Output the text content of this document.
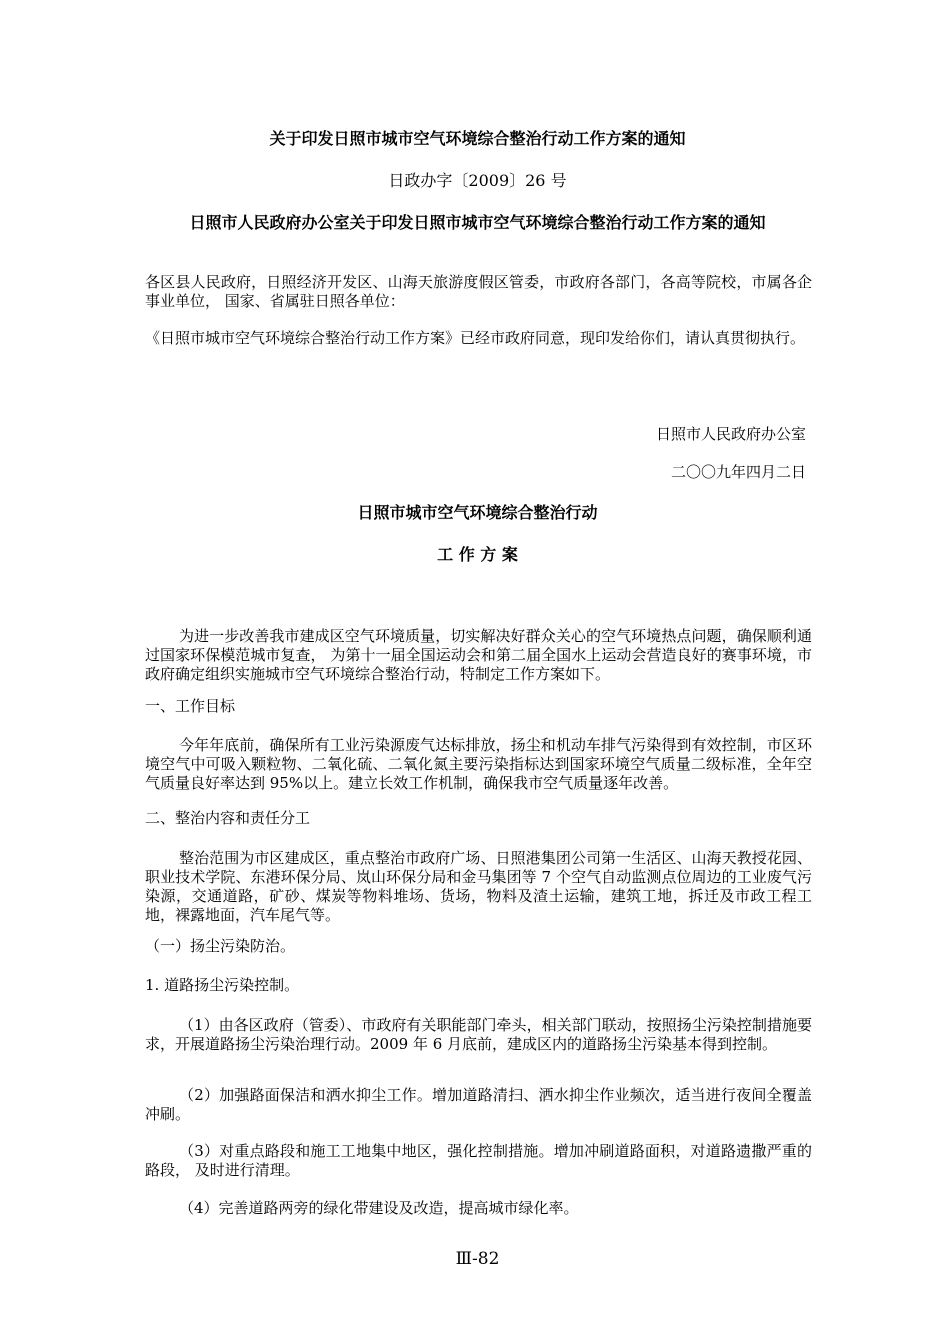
关于印发日照市城市空气环境综合整治行动工作方案的通知

日政办字〔2009〕26 号

日照市人民政府办公室关于印发日照市城市空气环境综合整治行动工作方案的通知

各区县人民政府，日照经济开发区、山海天旅游度假区管委，市政府各部门，各高等院校，市属各企事业单位， 国家、省属驻日照各单位：

《日照市城市空气环境综合整治行动工作方案》已经市政府同意，现印发给你们，请认真贯彻执行。

日照市人民政府办公室

二〇〇九年四月二日

日照市城市空气环境综合整治行动

工 作 方 案

为进一步改善我市建成区空气环境质量，切实解决好群众关心的空气环境热点问题，确保顺利通过国家环保模范城市复查， 为第十一届全国运动会和第二届全国水上运动会营造良好的赛事环境，市政府确定组织实施城市空气环境综合整治行动，特制定工作方案如下。

一、工作目标

今年年底前，确保所有工业污染源废气达标排放，扬尘和机动车排气污染得到有效控制，市区环境空气中可吸入颗粒物、二氧化硫、二氧化氮主要污染指标达到国家环境空气质量二级标准，全年空气质量良好率达到 95%以上。建立长效工作机制，确保我市空气质量逐年改善。

二、整治内容和责任分工

整治范围为市区建成区，重点整治市政府广场、日照港集团公司第一生活区、山海天教授花园、职业技术学院、东港环保分局、岚山环保分局和金马集团等 7 个空气自动监测点位周边的工业废气污染源，交通道路，矿砂、煤炭等物料堆场、货场，物料及渣土运输，建筑工地，拆迁及市政工程工地，裸露地面，汽车尾气等。

（一）扬尘污染防治。

1. 道路扬尘污染控制。

（1）由各区政府（管委）、市政府有关职能部门牵头，相关部门联动，按照扬尘污染控制措施要求，开展道路扬尘污染治理行动。2009 年 6 月底前，建成区内的道路扬尘污染基本得到控制。

（2）加强路面保洁和洒水抑尘工作。增加道路清扫、洒水抑尘作业频次，适当进行夜间全覆盖冲刷。

（3）对重点路段和施工工地集中地区，强化控制措施。增加冲刷道路面积，对道路遗撒严重的路段， 及时进行清理。

（4）完善道路两旁的绿化带建设及改造，提高城市绿化率。

Ⅲ-82
